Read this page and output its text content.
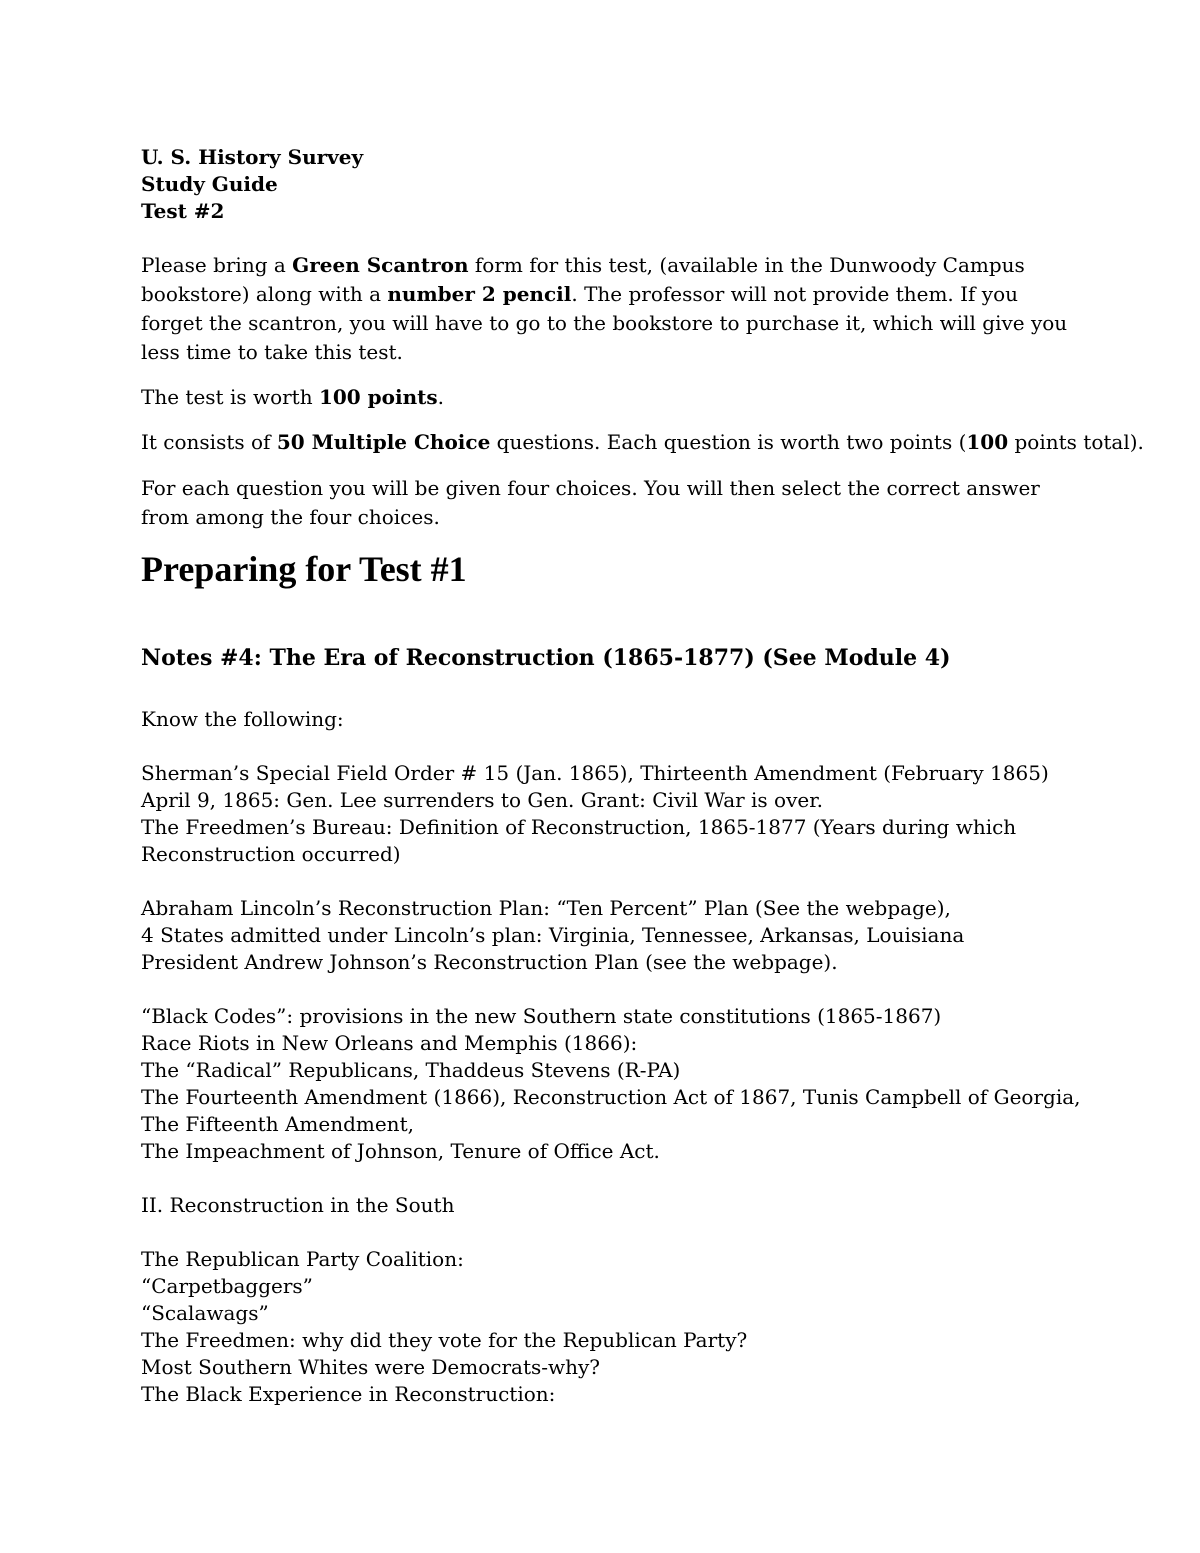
U. S. History Survey
Study Guide
Test #2

Please bring a Green Scantron form for this test, (available in the Dunwoody Campus bookstore) along with a number 2 pencil. The professor will not provide them. If you forget the scantron, you will have to go to the bookstore to purchase it, which will give you less time to take this test.

The test is worth 100 points.

It consists of 50 Multiple Choice questions. Each question is worth two points (100 points total).

For each question you will be given four choices. You will then select the correct answer from among the four choices.

Preparing for Test #1
Notes #4: The Era of Reconstruction (1865-1877) (See Module 4)

Know the following:

Sherman’s Special Field Order # 15 (Jan. 1865), Thirteenth Amendment (February 1865)
April 9, 1865: Gen. Lee surrenders to Gen. Grant: Civil War is over.
The Freedmen’s Bureau: Definition of Reconstruction, 1865-1877 (Years during which
Reconstruction occurred)
Abraham Lincoln’s Reconstruction Plan: “Ten Percent” Plan (See the webpage),
4 States admitted under Lincoln’s plan: Virginia, Tennessee, Arkansas, Louisiana
President Andrew Johnson’s Reconstruction Plan (see the webpage).
“Black Codes”: provisions in the new Southern state constitutions (1865-1867)
Race Riots in New Orleans and Memphis (1866):
The “Radical” Republicans, Thaddeus Stevens (R-PA)
The Fourteenth Amendment (1866), Reconstruction Act of 1867, Tunis Campbell of Georgia,
The Fifteenth Amendment,
The Impeachment of Johnson, Tenure of Office Act.

II. Reconstruction in the South

The Republican Party Coalition:
“Carpetbaggers”
“Scalawags”
The Freedmen: why did they vote for the Republican Party?
Most Southern Whites were Democrats-why?
The Black Experience in Reconstruction:
